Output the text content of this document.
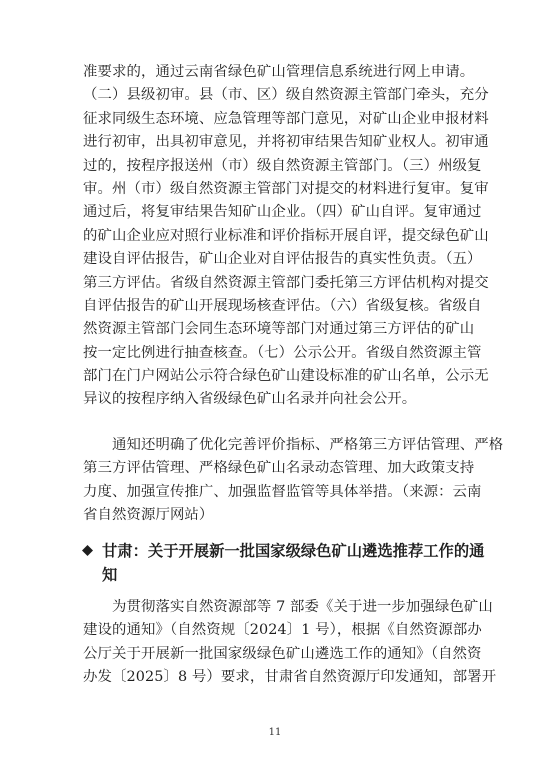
准要求的，通过云南省绿色矿山管理信息系统进行网上申请。
（二）县级初审。县（市、区）级自然资源主管部门牵头，充分
征求同级生态环境、应急管理等部门意见，对矿山企业申报材料
进行初审，出具初审意见，并将初审结果告知矿业权人。初审通
过的，按程序报送州（市）级自然资源主管部门。（三）州级复
审。州（市）级自然资源主管部门对提交的材料进行复审。复审
通过后，将复审结果告知矿山企业。（四）矿山自评。复审通过
的矿山企业应对照行业标准和评价指标开展自评，提交绿色矿山
建设自评估报告，矿山企业对自评估报告的真实性负责。（五）
第三方评估。省级自然资源主管部门委托第三方评估机构对提交
自评估报告的矿山开展现场核查评估。（六）省级复核。省级自
然资源主管部门会同生态环境等部门对通过第三方评估的矿山
按一定比例进行抽查核查。（七）公示公开。省级自然资源主管
部门在门户网站公示符合绿色矿山建设标准的矿山名单，公示无
异议的按程序纳入省级绿色矿山名录并向社会公开。
通知还明确了优化完善评价指标、严格第三方评估管理、严格
第三方评估管理、严格绿色矿山名录动态管理、加大政策支持
力度、加强宣传推广、加强监督监管等具体举措。（来源：云南
省自然资源厅网站）
甘肃：关于开展新一批国家级绿色矿山遴选推荐工作的通
知
为贯彻落实自然资源部等 7 部委《关于进一步加强绿色矿山
建设的通知》（自然资规〔2024〕1 号），根据《自然资源部办
公厅关于开展新一批国家级绿色矿山遴选工作的通知》（自然资
办发〔2025〕8 号）要求，甘肃省自然资源厅印发通知，部署开
11
